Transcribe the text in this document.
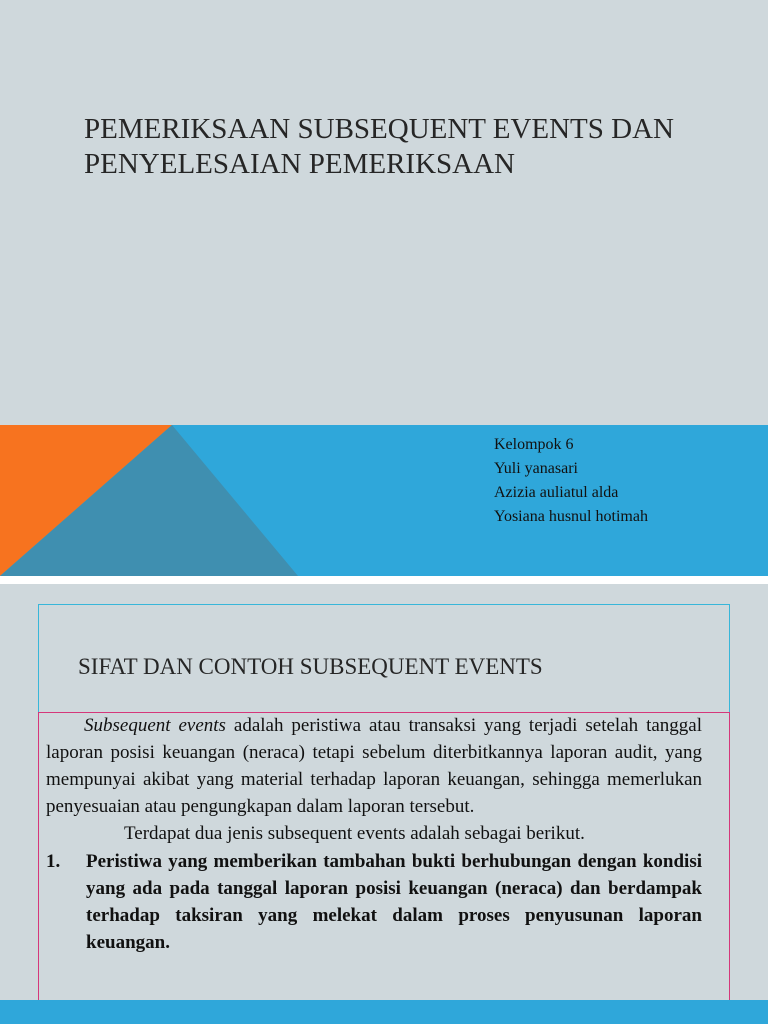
PEMERIKSAAN SUBSEQUENT EVENTS DAN
PENYELESAIAN PEMERIKSAAN
Kelompok 6
Yuli yanasari
Azizia auliatul alda
Yosiana husnul hotimah
SIFAT DAN CONTOH SUBSEQUENT EVENTS

Subsequent events adalah peristiwa atau transaksi yang terjadi setelah tanggal laporan posisi keuangan (neraca) tetapi sebelum diterbitkannya laporan audit, yang mempunyai akibat yang material terhadap laporan keuangan, sehingga memerlukan penyesuaian atau pengungkapan dalam laporan tersebut.

Terdapat dua jenis subsequent events adalah sebagai berikut.

1.	Peristiwa yang memberikan tambahan bukti berhubungan dengan kondisi yang ada pada tanggal laporan posisi keuangan (neraca) dan berdampak terhadap taksiran yang melekat dalam proses penyusunan laporan keuangan.
